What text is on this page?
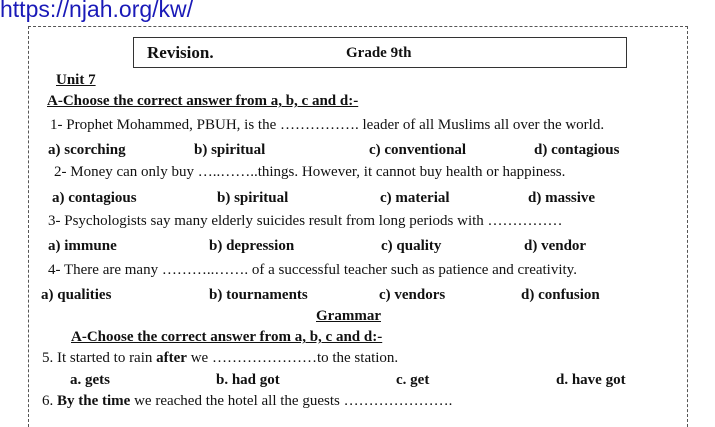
https://njah.org/kw/
Revision.	Grade 9th
Unit 7
A-Choose the correct answer from a, b, c and d:-
1- Prophet Mohammed, PBUH, is the ……………. leader of all Muslims all over the world.
a) scorching	b) spiritual	c) conventional	d) contagious
2- Money can only buy …..……..things. However, it cannot buy health or happiness.
a) contagious	b) spiritual	c) material	d) massive
3- Psychologists say many elderly suicides result from long periods with ……………
a) immune	b) depression	c) quality	d) vendor
4- There are many ………..……. of a successful teacher such as patience and creativity.
a) qualities	b) tournaments	c) vendors	d) confusion
Grammar
A-Choose the correct answer from a, b, c and d:-
5. It started to rain after we …………………to the station.
a. gets	b. had got	c. get	d. have got
6. By the time we reached the hotel all the guests ………………….
